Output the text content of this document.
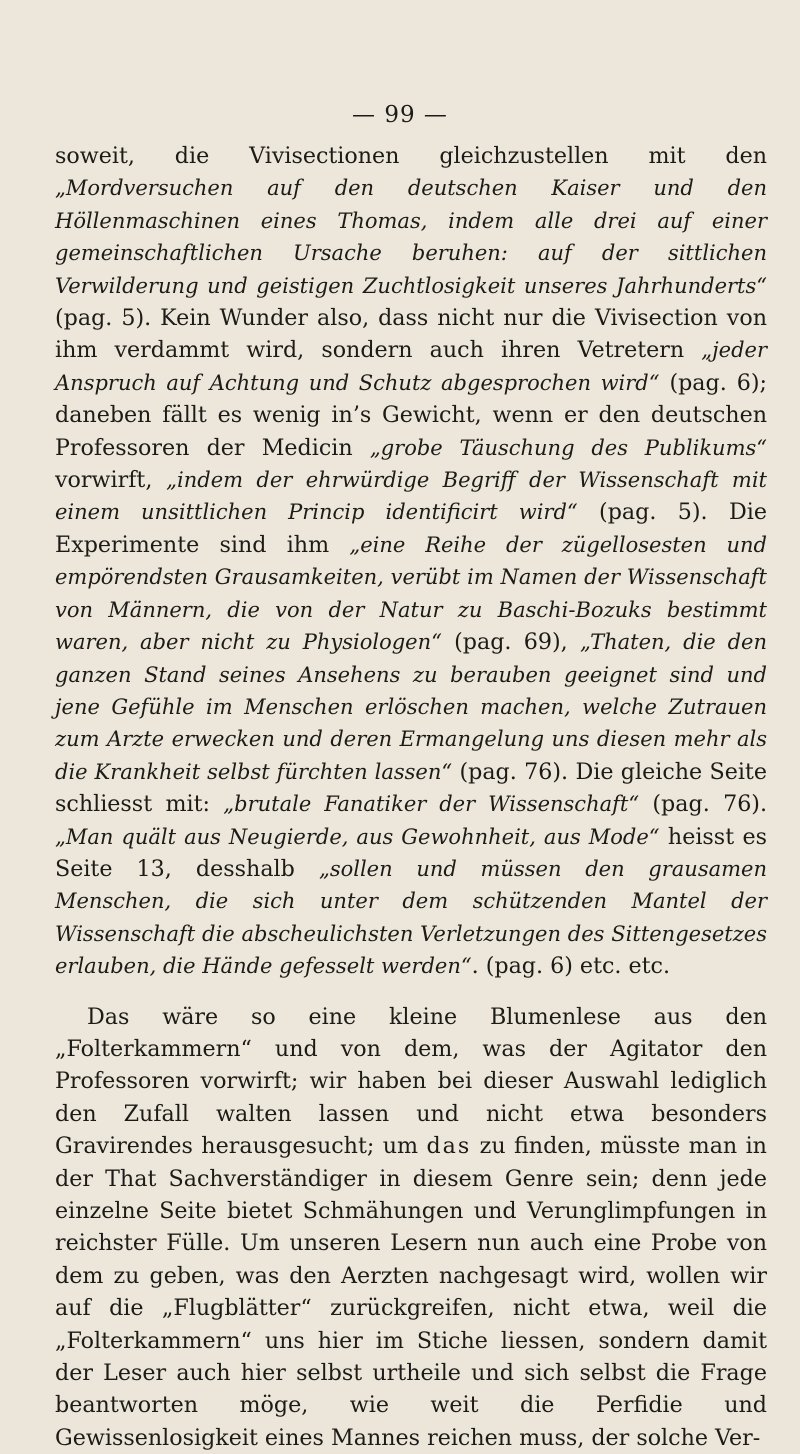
— 99 —

soweit, die Vivisectionen gleichzustellen mit den „Mordversuchen auf den deutschen Kaiser und den Höllenmaschinen eines Thomas, indem alle drei auf einer gemeinschaftlichen Ursache beruhen: auf der sittlichen Verwilderung und geistigen Zuchtlosigkeit unseres Jahrhunderts“ (pag. 5). Kein Wunder also, dass nicht nur die Vivisection von ihm verdammt wird, sondern auch ihren Vetretern „jeder Anspruch auf Achtung und Schutz abgesprochen wird“ (pag. 6); daneben fällt es wenig in’s Gewicht, wenn er den deutschen Professoren der Medicin „grobe Täuschung des Publikums“ vorwirft, „indem der ehrwürdige Begriff der Wissenschaft mit einem unsittlichen Princip identificirt wird“ (pag. 5). Die Experimente sind ihm „eine Reihe der zügellosesten und empörendsten Grausamkeiten, verübt im Namen der Wissenschaft von Männern, die von der Natur zu Baschi-Bozuks bestimmt waren, aber nicht zu Physiologen“ (pag. 69), „Thaten, die den ganzen Stand seines Ansehens zu berauben geeignet sind und jene Gefühle im Menschen erlöschen machen, welche Zutrauen zum Arzte erwecken und deren Ermangelung uns diesen mehr als die Krankheit selbst fürchten lassen“ (pag. 76). Die gleiche Seite schliesst mit: „brutale Fanatiker der Wissenschaft“ (pag. 76). „Man quält aus Neugierde, aus Gewohnheit, aus Mode“ heisst es Seite 13, desshalb „sollen und müssen den grausamen Menschen, die sich unter dem schützenden Mantel der Wissenschaft die abscheulichsten Verletzungen des Sittengesetzes erlauben, die Hände gefesselt werden“. (pag. 6) etc. etc.

Das wäre so eine kleine Blumenlese aus den „Folterkammern“ und von dem, was der Agitator den Professoren vorwirft; wir haben bei dieser Auswahl lediglich den Zufall walten lassen und nicht etwa besonders Gravirendes herausgesucht; um das zu finden, müsste man in der That Sachverständiger in diesem Genre sein; denn jede einzelne Seite bietet Schmähungen und Verunglimpfungen in reichster Fülle. Um unseren Lesern nun auch eine Probe von dem zu geben, was den Aerzten nachgesagt wird, wollen wir auf die „Flugblätter“ zurückgreifen, nicht etwa, weil die „Folterkammern“ uns hier im Stiche liessen, sondern damit der Leser auch hier selbst urtheile und sich selbst die Frage beantworten möge, wie weit die Perfidie und Gewissenlosigkeit eines Mannes reichen muss, der solche Ver-
